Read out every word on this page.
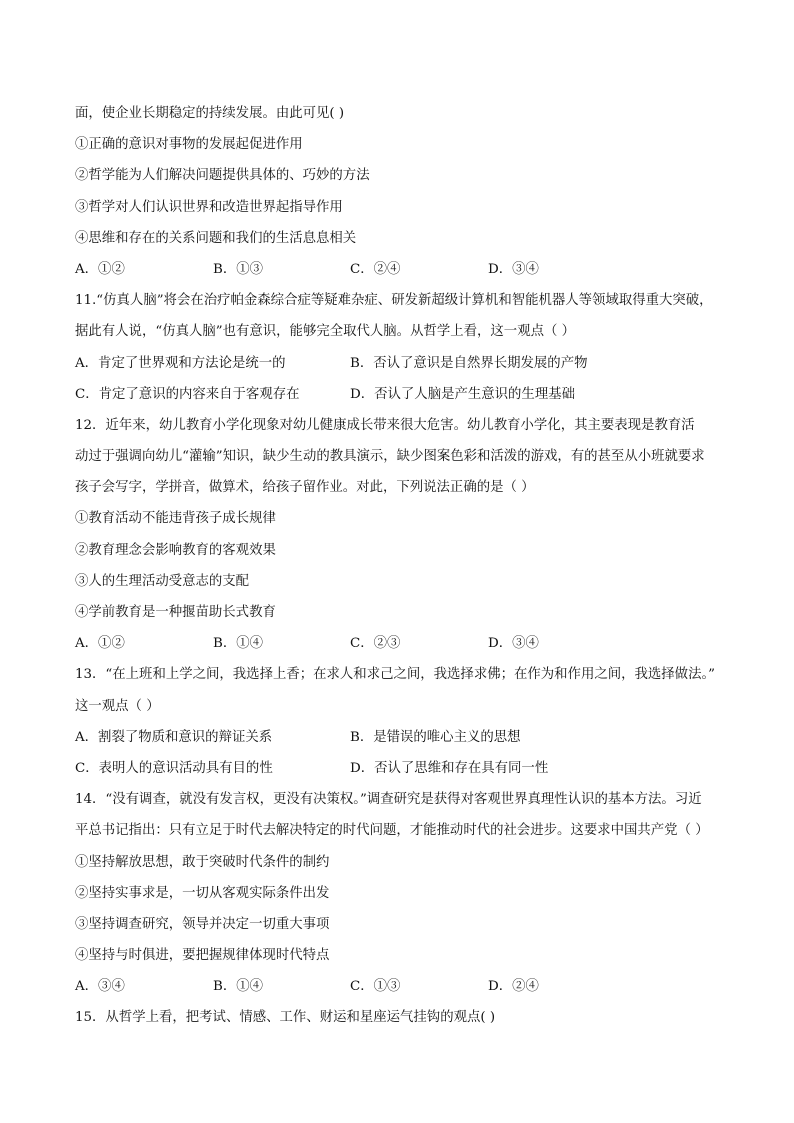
面，使企业长期稳定的持续发展。由此可见( )
①正确的意识对事物的发展起促进作用
②哲学能为人们解决问题提供具体的、巧妙的方法
③哲学对人们认识世界和改造世界起指导作用
④思维和存在的关系问题和我们的生活息息相关
A．①②	B．①③	C．②④	D．③④
11.“仿真人脑”将会在治疗帕金森综合症等疑难杂症、研发新超级计算机和智能机器人等领域取得重大突破，
据此有人说，“仿真人脑”也有意识，能够完全取代人脑。从哲学上看，这一观点（ ）
A．肯定了世界观和方法论是统一的	B．否认了意识是自然界长期发展的产物
C．肯定了意识的内容来自于客观存在	D．否认了人脑是产生意识的生理基础
12．近年来，幼儿教育小学化现象对幼儿健康成长带来很大危害。幼儿教育小学化，其主要表现是教育活
动过于强调向幼儿“灌输”知识，缺少生动的教具演示，缺少图案色彩和活泼的游戏，有的甚至从小班就要求
孩子会写字，学拼音，做算术，给孩子留作业。对此，下列说法正确的是（ ）
①教育活动不能违背孩子成长规律
②教育理念会影响教育的客观效果
③人的生理活动受意志的支配
④学前教育是一种揠苗助长式教育
A．①②	B．①④	C．②③	D．③④
13．“在上班和上学之间，我选择上香；在求人和求己之间，我选择求佛；在作为和作用之间，我选择做法。”
这一观点（ ）
A．割裂了物质和意识的辩证关系	B．是错误的唯心主义的思想
C．表明人的意识活动具有目的性	D．否认了思维和存在具有同一性
14．“没有调查，就没有发言权，更没有决策权。”调查研究是获得对客观世界真理性认识的基本方法。习近
平总书记指出：只有立足于时代去解决特定的时代问题，才能推动时代的社会进步。这要求中国共产党（ ）
①坚持解放思想，敢于突破时代条件的制约
②坚持实事求是，一切从客观实际条件出发
③坚持调查研究，领导并决定一切重大事项
④坚持与时俱进，要把握规律体现时代特点
A．③④	B．①④	C．①③	D．②④
15．从哲学上看，把考试、情感、工作、财运和星座运气挂钩的观点( )
